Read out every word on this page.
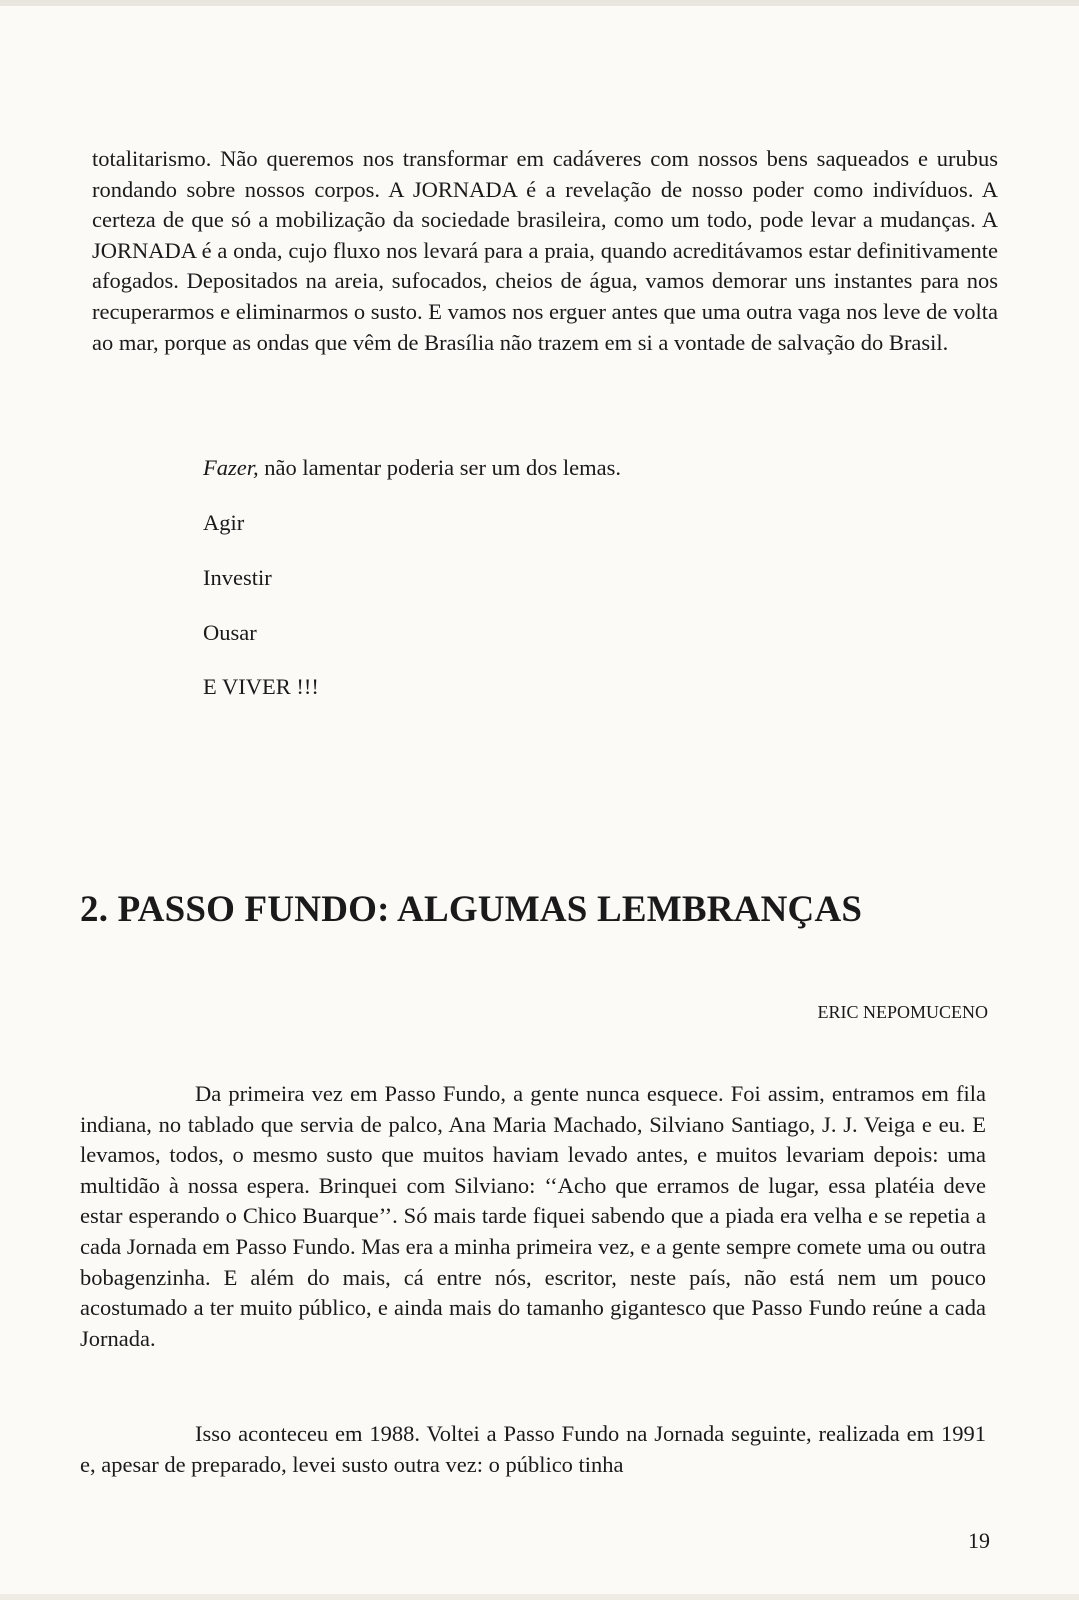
totalitarismo. Não queremos nos transformar em cadáveres com nossos bens saqueados e urubus rondando sobre nossos corpos. A JORNADA é a revelação de nosso poder como indivíduos. A certeza de que só a mobilização da sociedade brasileira, como um todo, pode levar a mudanças. A JORNADA é a onda, cujo fluxo nos levará para a praia, quando acreditávamos estar definitivamente afogados. Depositados na areia, sufocados, cheios de água, vamos demorar uns instantes para nos recuperarmos e eliminarmos o susto. E vamos nos erguer antes que uma outra vaga nos leve de volta ao mar, porque as ondas que vêm de Brasília não trazem em si a vontade de salvação do Brasil.

Fazer, não lamentar poderia ser um dos lemas.

Agir

Investir

Ousar

E VIVER !!!

2. PASSO FUNDO: ALGUMAS LEMBRANÇAS

ERIC NEPOMUCENO

Da primeira vez em Passo Fundo, a gente nunca esquece. Foi assim, entramos em fila indiana, no tablado que servia de palco, Ana Maria Machado, Silviano Santiago, J. J. Veiga e eu. E levamos, todos, o mesmo susto que muitos haviam levado antes, e muitos levariam depois: uma multidão à nossa espera. Brinquei com Silviano: ‘‘Acho que erramos de lugar, essa platéia deve estar esperando o Chico Buarque’’. Só mais tarde fiquei sabendo que a piada era velha e se repetia a cada Jornada em Passo Fundo. Mas era a minha primeira vez, e a gente sempre comete uma ou outra bobagenzinha. E além do mais, cá entre nós, escritor, neste país, não está nem um pouco acostumado a ter muito público, e ainda mais do tamanho gigantesco que Passo Fundo reúne a cada Jornada.

Isso aconteceu em 1988. Voltei a Passo Fundo na Jornada seguinte, realizada em 1991 e, apesar de preparado, levei susto outra vez: o público tinha

19
